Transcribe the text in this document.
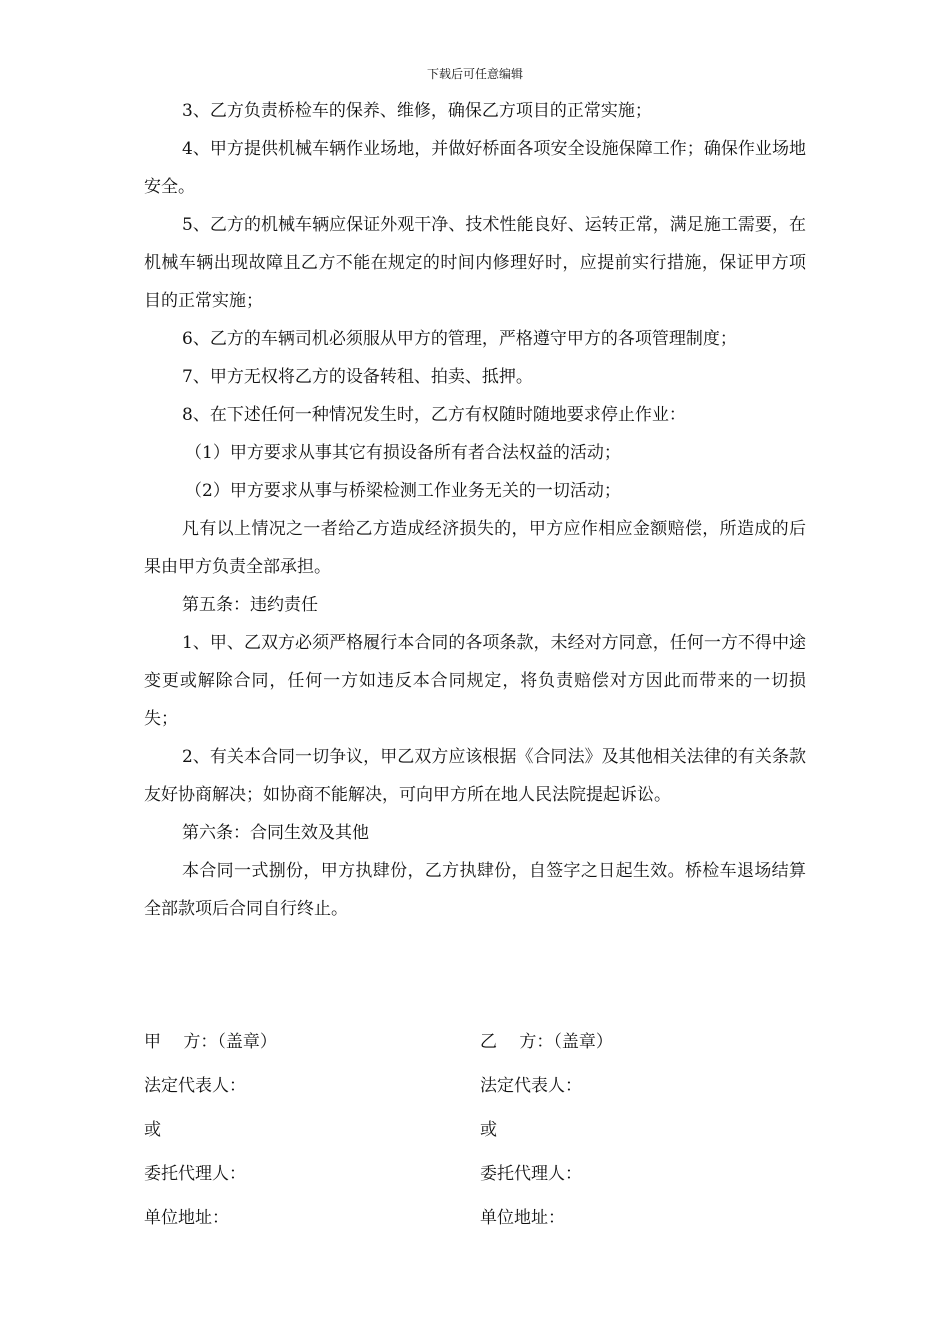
下载后可任意编辑

3、乙方负责桥检车的保养、维修，确保乙方项目的正常实施；

4、甲方提供机械车辆作业场地，并做好桥面各项安全设施保障工作；确保作业场地安全。

5、乙方的机械车辆应保证外观干净、技术性能良好、运转正常，满足施工需要，在机械车辆出现故障且乙方不能在规定的时间内修理好时，应提前实行措施，保证甲方项目的正常实施；

6、乙方的车辆司机必须服从甲方的管理，严格遵守甲方的各项管理制度；

7、甲方无权将乙方的设备转租、拍卖、抵押。

8、在下述任何一种情况发生时，乙方有权随时随地要求停止作业：

（1）甲方要求从事其它有损设备所有者合法权益的活动；

（2）甲方要求从事与桥梁检测工作业务无关的一切活动；

凡有以上情况之一者给乙方造成经济损失的，甲方应作相应金额赔偿，所造成的后果由甲方负责全部承担。

第五条：违约责任

1、甲、乙双方必须严格履行本合同的各项条款，未经对方同意，任何一方不得中途变更或解除合同，任何一方如违反本合同规定，将负责赔偿对方因此而带来的一切损失；

2、有关本合同一切争议，甲乙双方应该根据《合同法》及其他相关法律的有关条款友好协商解决；如协商不能解决，可向甲方所在地人民法院提起诉讼。

第六条：合同生效及其他

本合同一式捌份，甲方执肆份，乙方执肆份，自签字之日起生效。桥检车退场结算全部款项后合同自行终止。

甲　 方：（盖章）	乙　 方：（盖章）
法定代表人：	法定代表人：
或	或
委托代理人：	委托代理人：
单位地址：	单位地址：
